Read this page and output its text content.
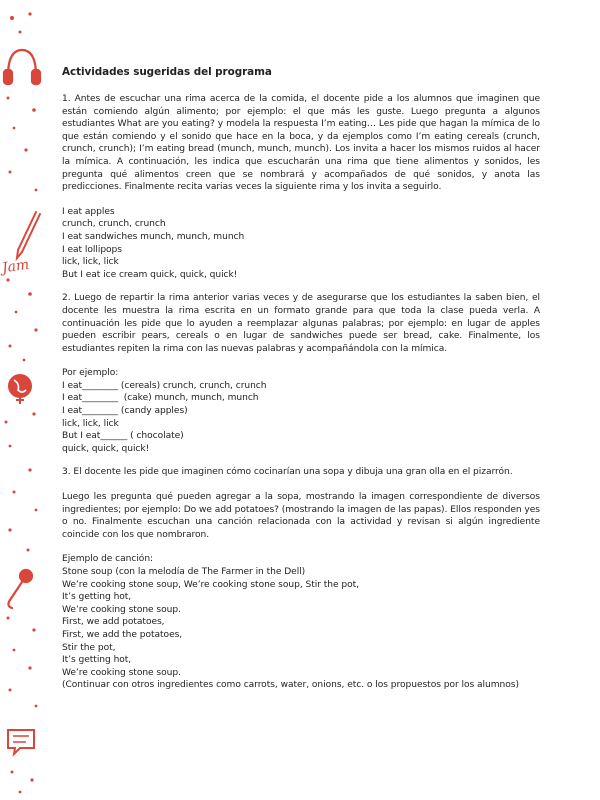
Jam
Actividades sugeridas del programa

1. Antes de escuchar una rima acerca de la comida, el docente pide a los alumnos que imaginen que están comiendo algún alimento; por ejemplo: el que más les guste. Luego pregunta a algunos estudiantes What are you eating? y modela la respuesta I’m eating… Les pide que hagan la mímica de lo que están comiendo y el sonido que hace en la boca, y da ejemplos como I’m eating cereals (crunch, crunch, crunch); I’m eating bread (munch, munch, munch). Los invita a hacer los mismos ruidos al hacer la mímica. A continuación, les indica que escucharán una rima que tiene alimentos y sonidos, les pregunta qué alimentos creen que se nombrará y acompañados de qué sonidos, y anota las predicciones. Finalmente recita varias veces la siguiente rima y los invita a seguirlo.

I eat apples
crunch, crunch, crunch
I eat sandwiches munch, munch, munch
I eat lollipops
lick, lick, lick
But I eat ice cream quick, quick, quick!

2. Luego de repartir la rima anterior varias veces y de asegurarse que los estudiantes la saben bien, el docente les muestra la rima escrita en un formato grande para que toda la clase pueda verla. A continuación les pide que lo ayuden a reemplazar algunas palabras; por ejemplo: en lugar de apples pueden escribir pears, cereals o en lugar de sandwiches puede ser bread, cake. Finalmente, los estudiantes repiten la rima con las nuevas palabras y acompañándola con la mímica.

Por ejemplo:
I eat________ (cereals) crunch, crunch, crunch
I eat________  (cake) munch, munch, munch
I eat________ (candy apples)
lick, lick, lick
But I eat______ ( chocolate)
quick, quick, quick!

3. El docente les pide que imaginen cómo cocinarían una sopa y dibuja una gran olla en el pizarrón.

Luego les pregunta qué pueden agregar a la sopa, mostrando la imagen correspondiente de diversos ingredientes; por ejemplo: Do we add potatoes? (mostrando la imagen de las papas). Ellos responden yes o no. Finalmente escuchan una canción relacionada con la actividad y revisan si algún ingrediente coincide con los que nombraron.

Ejemplo de canción:
Stone soup (con la melodía de The Farmer in the Dell)
We’re cooking stone soup, We’re cooking stone soup, Stir the pot,
It’s getting hot,
We’re cooking stone soup.
First, we add potatoes,
First, we add the potatoes,
Stir the pot,
It’s getting hot,
We’re cooking stone soup.
(Continuar con otros ingredientes como carrots, water, onions, etc. o los propuestos por los alumnos)
